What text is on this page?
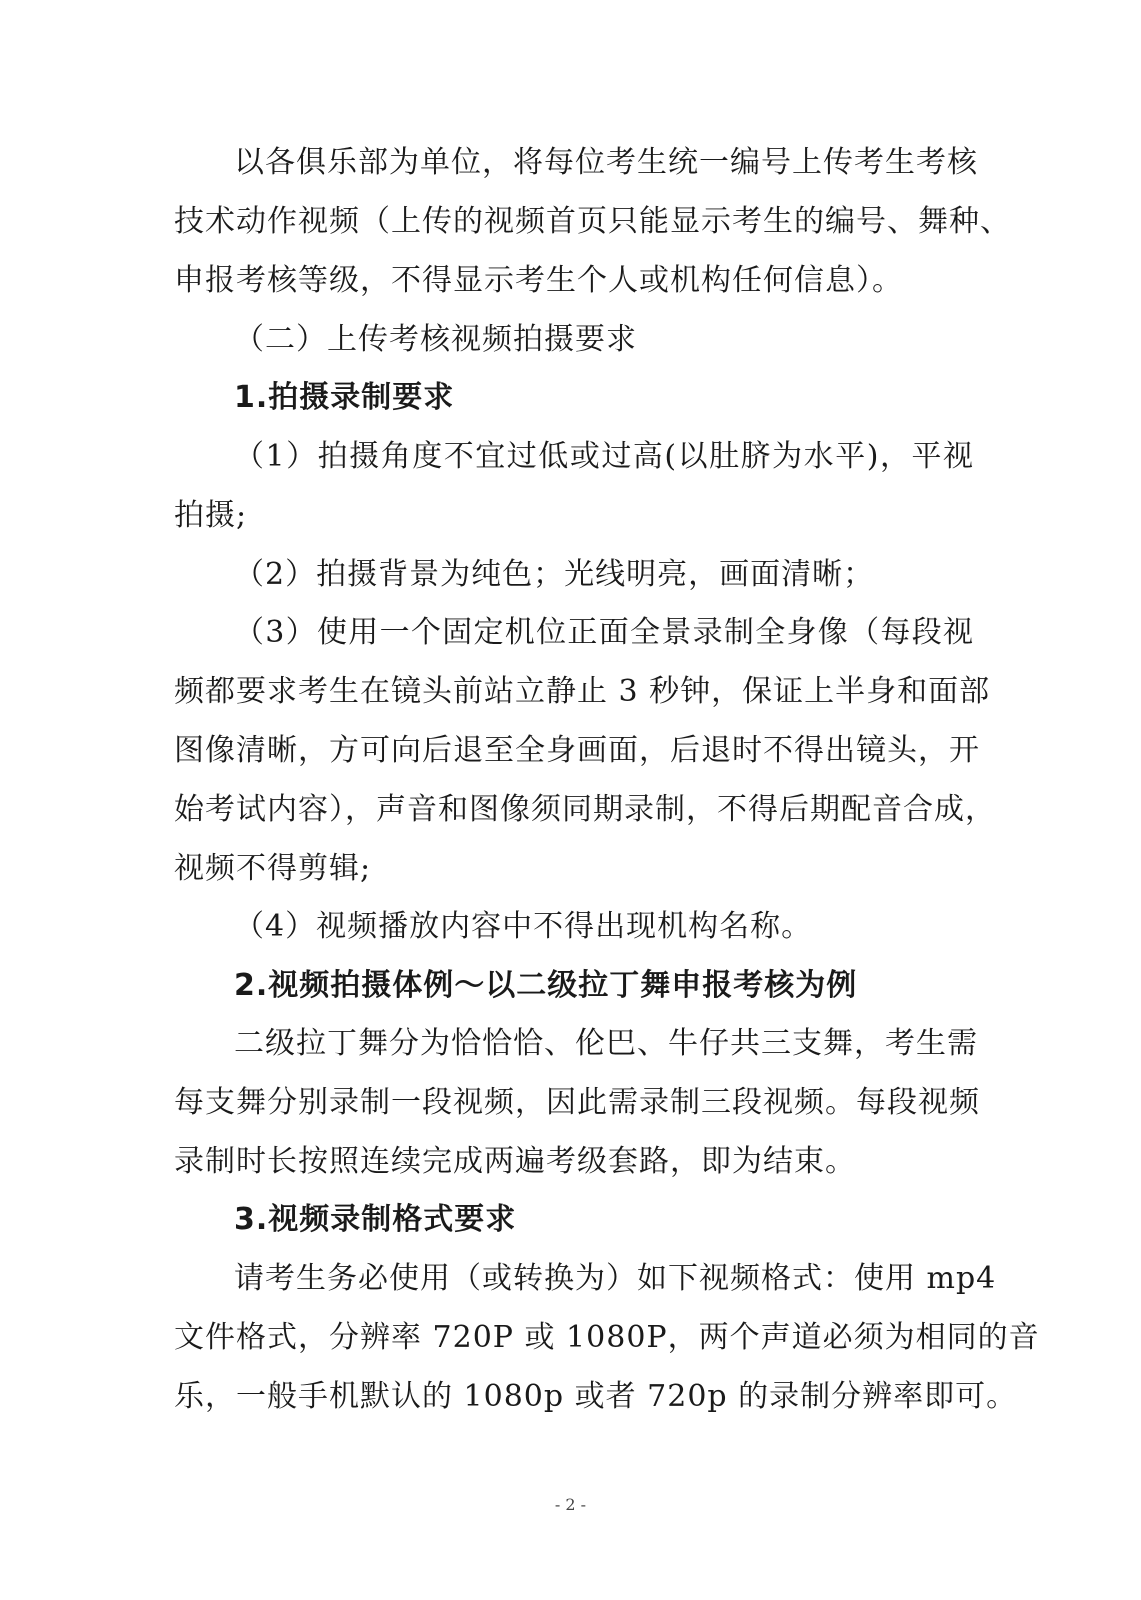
以各俱乐部为单位，将每位考生统一编号上传考生考核
技术动作视频（上传的视频首页只能显示考生的编号、舞种、
申报考核等级，不得显示考生个人或机构任何信息）。
（二）上传考核视频拍摄要求
1.拍摄录制要求
（1）拍摄角度不宜过低或过高(以肚脐为水平)，平视
拍摄;
（2）拍摄背景为纯色；光线明亮，画面清晰；
（3）使用一个固定机位正面全景录制全身像（每段视
频都要求考生在镜头前站立静止 3 秒钟，保证上半身和面部
图像清晰，方可向后退至全身画面，后退时不得出镜头，开
始考试内容），声音和图像须同期录制，不得后期配音合成，
视频不得剪辑;
（4）视频播放内容中不得出现机构名称。
2.视频拍摄体例～以二级拉丁舞申报考核为例
二级拉丁舞分为恰恰恰、伦巴、牛仔共三支舞，考生需
每支舞分别录制一段视频，因此需录制三段视频。每段视频
录制时长按照连续完成两遍考级套路，即为结束。
3.视频录制格式要求
请考生务必使用（或转换为）如下视频格式：使用 mp4
文件格式，分辨率 720P 或 1080P，两个声道必须为相同的音
乐，一般手机默认的 1080p 或者 720p 的录制分辨率即可。
- 2 -
